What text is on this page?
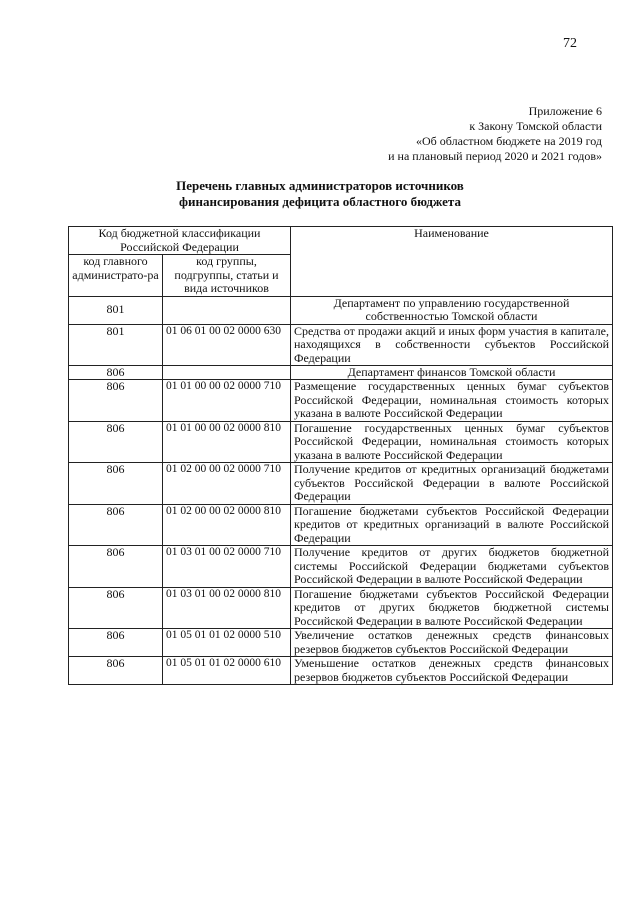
72
Приложение 6
к Закону Томской области
«Об областном бюджете на 2019 год
и на плановый период 2020 и 2021 годов»
Перечень главных администраторов источников
финансирования дефицита областного бюджета
Код бюджетной классификации Российской Федерации		Наименование
код главного администрато-ра	код группы, подгруппы, статьи и вида источников	
801		Департамент по управлению государственной собственностью Томской области
801	01 06 01 00 02 0000 630	Средства от продажи акций и иных форм участия в капитале, находящихся в собственности субъектов Российской Федерации
806		Департамент финансов Томской области
806	01 01 00 00 02 0000 710	Размещение государственных ценных бумаг субъектов Российской Федерации, номинальная стоимость которых указана в валюте Российской Федерации
806	01 01 00 00 02 0000 810	Погашение государственных ценных бумаг субъектов Российской Федерации, номинальная стоимость которых указана в валюте Российской Федерации
806	01 02 00 00 02 0000 710	Получение кредитов от кредитных организаций бюджетами субъектов Российской Федерации в валюте Российской Федерации
806	01 02 00 00 02 0000 810	Погашение бюджетами субъектов Российской Федерации кредитов от кредитных организаций в валюте Российской Федерации
806	01 03 01 00 02 0000 710	Получение кредитов от других бюджетов бюджетной системы Российской Федерации бюджетами субъектов Российской Федерации в валюте Российской Федерации
806	01 03 01 00 02 0000 810	Погашение бюджетами субъектов Российской Федерации кредитов от других бюджетов бюджетной системы Российской Федерации в валюте Российской Федерации
806	01 05 01 01 02 0000 510	Увеличение остатков денежных средств финансовых резервов бюджетов субъектов Российской Федерации
806	01 05 01 01 02 0000 610	Уменьшение остатков денежных средств финансовых резервов бюджетов субъектов Российской Федерации
